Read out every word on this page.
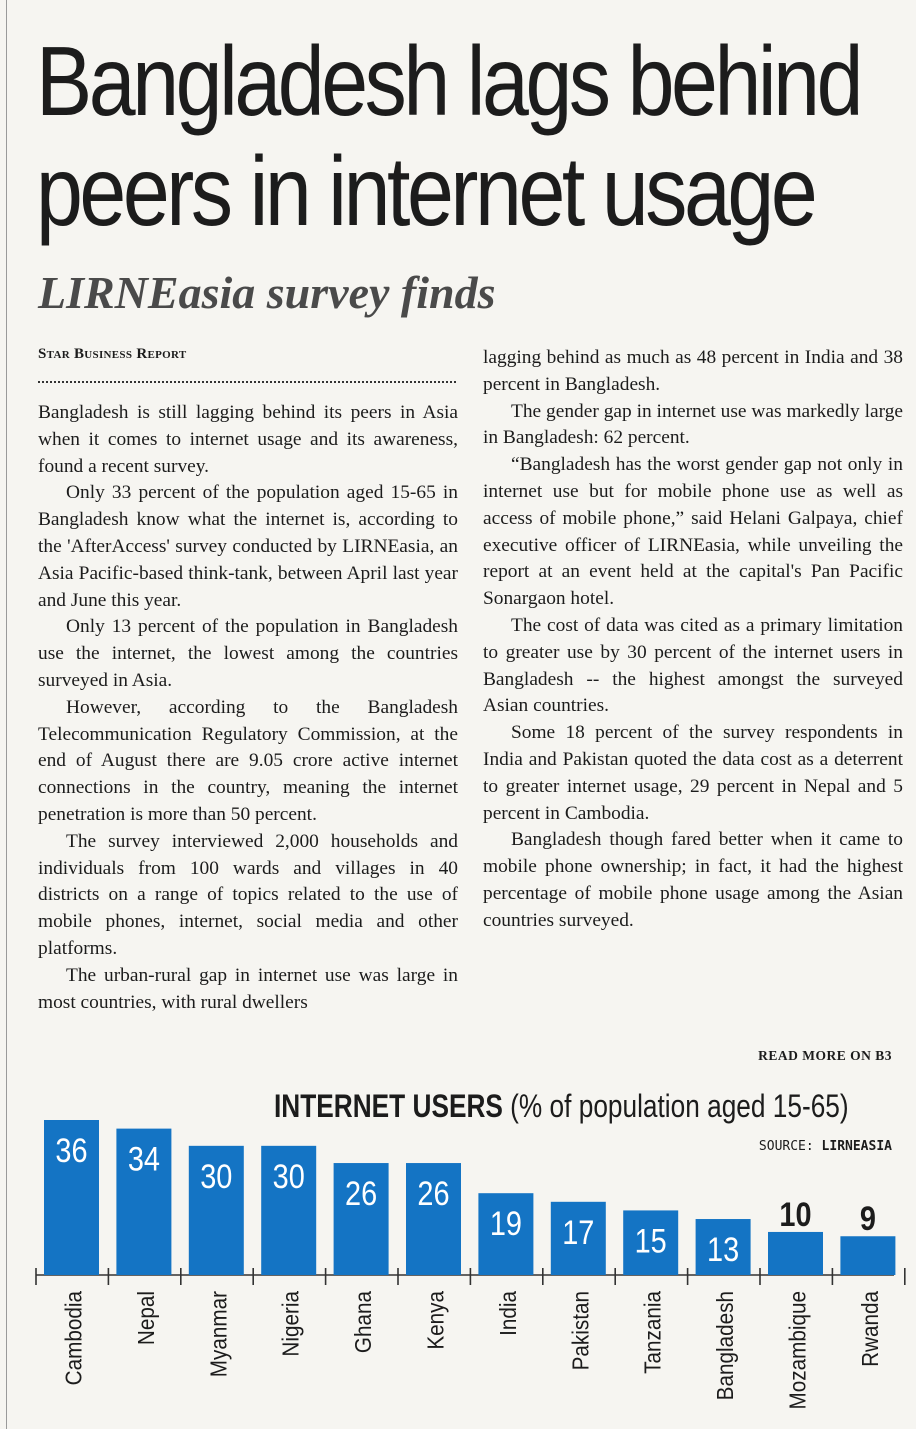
Bangladesh lags behind
peers in internet usage
LIRNEasia survey finds
Star Business Report

Bangladesh is still lagging behind its peers in Asia when it comes to internet usage and its awareness, found a recent survey.

Only 33 percent of the population aged 15-65 in Bangladesh know what the internet is, according to the 'AfterAccess' survey conducted by LIRNEasia, an Asia Pacific-based think-tank, between April last year and June this year.

Only 13 percent of the population in Bangladesh use the internet, the lowest among the countries surveyed in Asia.

However, according to the Bangladesh Telecommunication Regulatory Commission, at the end of August there are 9.05 crore active internet connections in the country, meaning the internet penetration is more than 50 percent.

The survey interviewed 2,000 households and individuals from 100 wards and villages in 40 districts on a range of topics related to the use of mobile phones, internet, social media and other platforms.

The urban-rural gap in internet use was large in most countries, with rural dwellers

lagging behind as much as 48 percent in India and 38 percent in Bangladesh.

The gender gap in internet use was markedly large in Bangladesh: 62 percent.

“Bangladesh has the worst gender gap not only in internet use but for mobile phone use as well as access of mobile phone,” said Helani Galpaya, chief executive officer of LIRNEasia, while unveiling the report at an event held at the capital's Pan Pacific Sonargaon hotel.

The cost of data was cited as a primary limitation to greater use by 30 percent of the internet users in Bangladesh -- the highest amongst the surveyed Asian countries.

Some 18 percent of the survey respondents in India and Pakistan quoted the data cost as a deterrent to greater internet usage, 29 percent in Nepal and 5 percent in Cambodia.

Bangladesh though fared better when it came to mobile phone ownership; in fact, it had the highest percentage of mobile phone usage among the Asian countries surveyed.

READ MORE ON B3
INTERNET USERS (% of population aged 15-65)
SOURCE: LIRNEASIA
36
Cambodia
34
Nepal
30
Myanmar
30
Nigeria
26
Ghana
26
Kenya
19
India
17
Pakistan
15
Tanzania
13
Bangladesh
10
Mozambique
9
Rwanda
